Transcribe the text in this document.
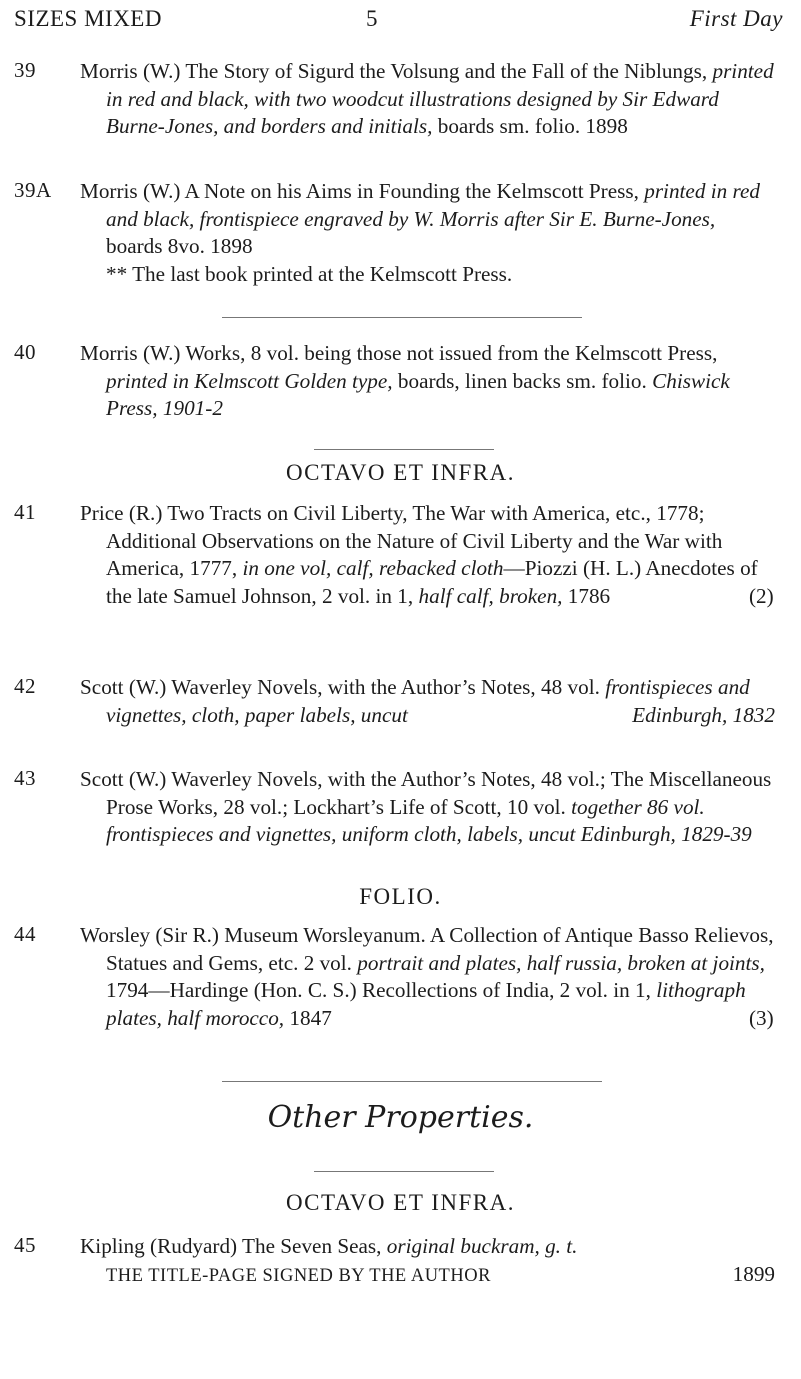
SIZES MIXED	5	First Day
39 Morris (W.) The Story of Sigurd the Volsung and the Fall of the Niblungs, printed in red and black, with two woodcut illustrations designed by Sir Edward Burne-Jones, and borders and initials, boards sm. folio. 1898
39A Morris (W.) A Note on his Aims in Founding the Kelmscott Press, printed in red and black, frontispiece engraved by W. Morris after Sir E. Burne-Jones, boards 8vo. 1898
** The last book printed at the Kelmscott Press.
40 Morris (W.) Works, 8 vol. being those not issued from the Kelmscott Press, printed in Kelmscott Golden type, boards, linen backs sm. folio. Chiswick Press, 1901-2
OCTAVO ET INFRA.
41 Price (R.) Two Tracts on Civil Liberty, The War with America, etc., 1778; Additional Observations on the Nature of Civil Liberty and the War with America, 1777, in one vol, calf, rebacked cloth—Piozzi (H. L.) Anecdotes of the late Samuel Johnson, 2 vol. in 1, half calf, broken, 1786	(2)
42 Scott (W.) Waverley Novels, with the Author’s Notes, 48 vol. frontispieces and vignettes, cloth, paper labels, uncut	Edinburgh, 1832
43 Scott (W.) Waverley Novels, with the Author’s Notes, 48 vol.; The Miscellaneous Prose Works, 28 vol.; Lockhart’s Life of Scott, 10 vol. together 86 vol. frontispieces and vignettes, uniform cloth, labels, uncut Edinburgh, 1829-39
FOLIO.
44 Worsley (Sir R.) Museum Worsleyanum. A Collection of Antique Basso Relievos, Statues and Gems, etc. 2 vol. portrait and plates, half russia, broken at joints, 1794—Hardinge (Hon. C. S.) Recollections of India, 2 vol. in 1, lithograph plates, half morocco, 1847	(3)
Other Properties.
OCTAVO ET INFRA.
45 Kipling (Rudyard) The Seven Seas, original buckram, g. t.
THE TITLE-PAGE SIGNED BY THE AUTHOR	1899
